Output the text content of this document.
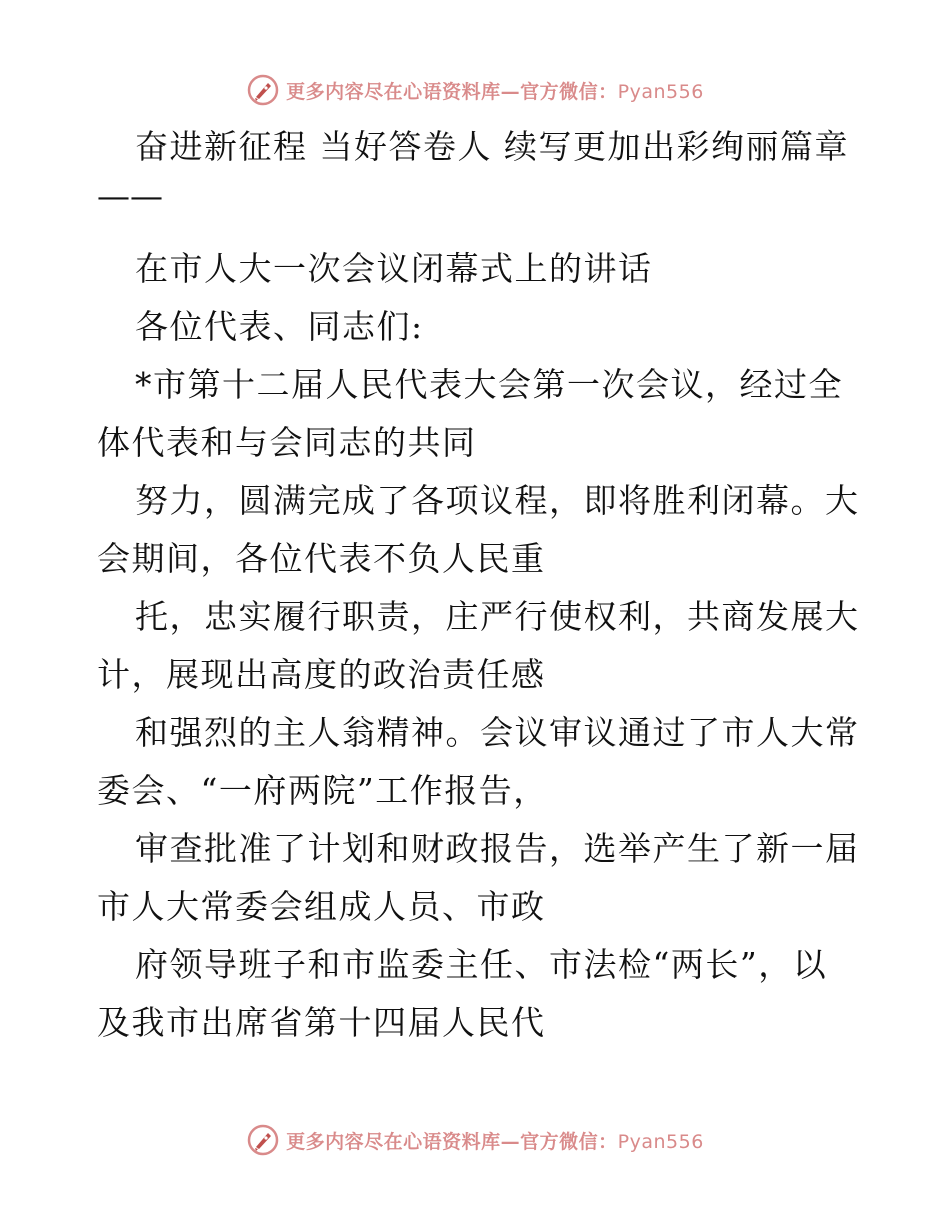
更多内容尽在心语资料库—官方微信：Pyan556
奋进新征程 当好答卷人 续写更加出彩绚丽篇章
——
在市人大一次会议闭幕式上的讲话
各位代表、同志们:
*市第十二届人民代表大会第一次会议，经过全
体代表和与会同志的共同
努力，圆满完成了各项议程，即将胜利闭幕。大
会期间，各位代表不负人民重
托，忠实履行职责，庄严行使权利，共商发展大
计，展现出高度的政治责任感
和强烈的主人翁精神。会议审议通过了市人大常
委会、“一府两院”工作报告，
审查批准了计划和财政报告，选举产生了新一届
市人大常委会组成人员、市政
府领导班子和市监委主任、市法检“两长”，以
及我市出席省第十四届人民代
更多内容尽在心语资料库—官方微信：Pyan556
